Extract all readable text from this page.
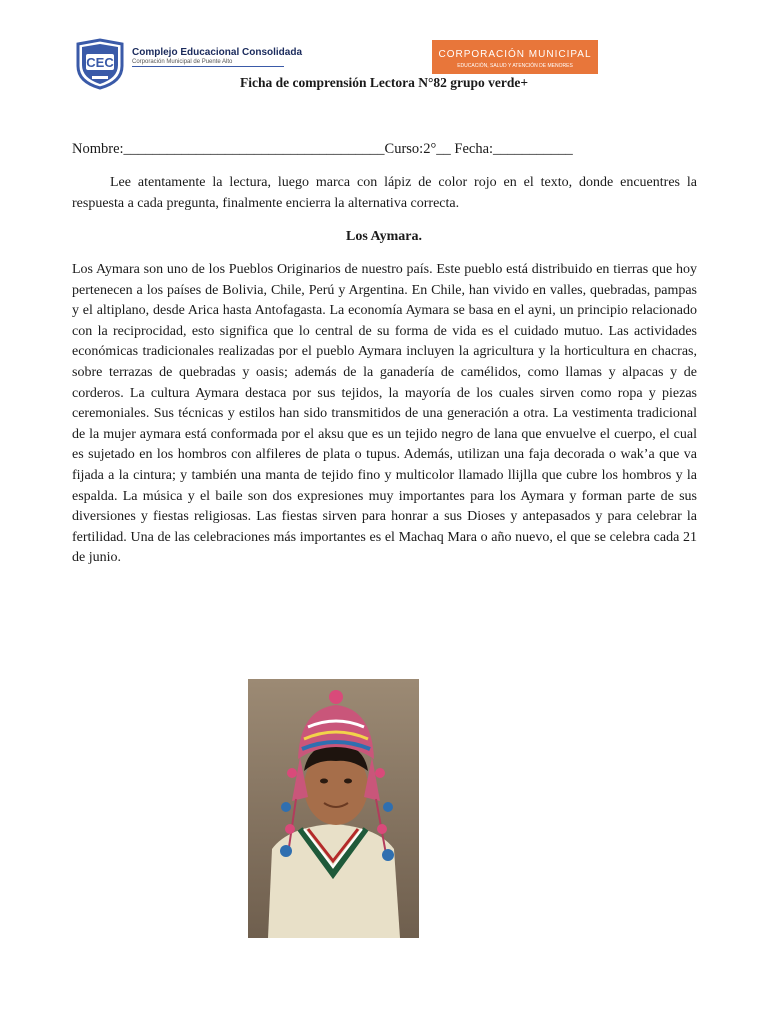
CEC
Complejo Educacional Consolidada
Corporación Municipal de Puente Alto
CORPORACIÓN MUNICIPAL
EDUCACIÓN, SALUD Y ATENCIÓN DE MENORES
Ficha de comprensión Lectora N°82 grupo verde+
Nombre:____________________________________Curso:2°__ Fecha:___________

Lee atentamente la lectura, luego marca con lápiz de color rojo en el texto, donde encuentres la respuesta a cada pregunta, finalmente encierra la alternativa correcta.

Los Aymara.

Los Aymara son uno de los Pueblos Originarios de nuestro país. Este pueblo está distribuido en tierras que hoy pertenecen a los países de Bolivia, Chile, Perú y Argentina. En Chile, han vivido en valles, quebradas, pampas y el altiplano, desde Arica hasta Antofagasta. La economía Aymara se basa en el ayni, un principio relacionado con la reciprocidad, esto significa que lo central de su forma de vida es el cuidado mutuo. Las actividades económicas tradicionales realizadas por el pueblo Aymara incluyen la agricultura y la horticultura en chacras, sobre terrazas de quebradas y oasis; además de la ganadería de camélidos, como llamas y alpacas y de corderos. La cultura Aymara destaca por sus tejidos, la mayoría de los cuales sirven como ropa y piezas ceremoniales. Sus técnicas y estilos han sido transmitidos de una generación a otra. La vestimenta tradicional de la mujer aymara está conformada por el aksu que es un tejido negro de lana que envuelve el cuerpo, el cual es sujetado en los hombros con alfileres de plata o tupus. Además, utilizan una faja decorada o wak’a que va fijada a la cintura; y también una manta de tejido fino y multicolor llamado llijlla que cubre los hombros y la espalda. La música y el baile son dos expresiones muy importantes para los Aymara y forman parte de sus diversiones y fiestas religiosas. Las fiestas sirven para honrar a sus Dioses y antepasados y para celebrar la fertilidad. Una de las celebraciones más importantes es el Machaq Mara o año nuevo, el que se celebra cada 21 de junio.
